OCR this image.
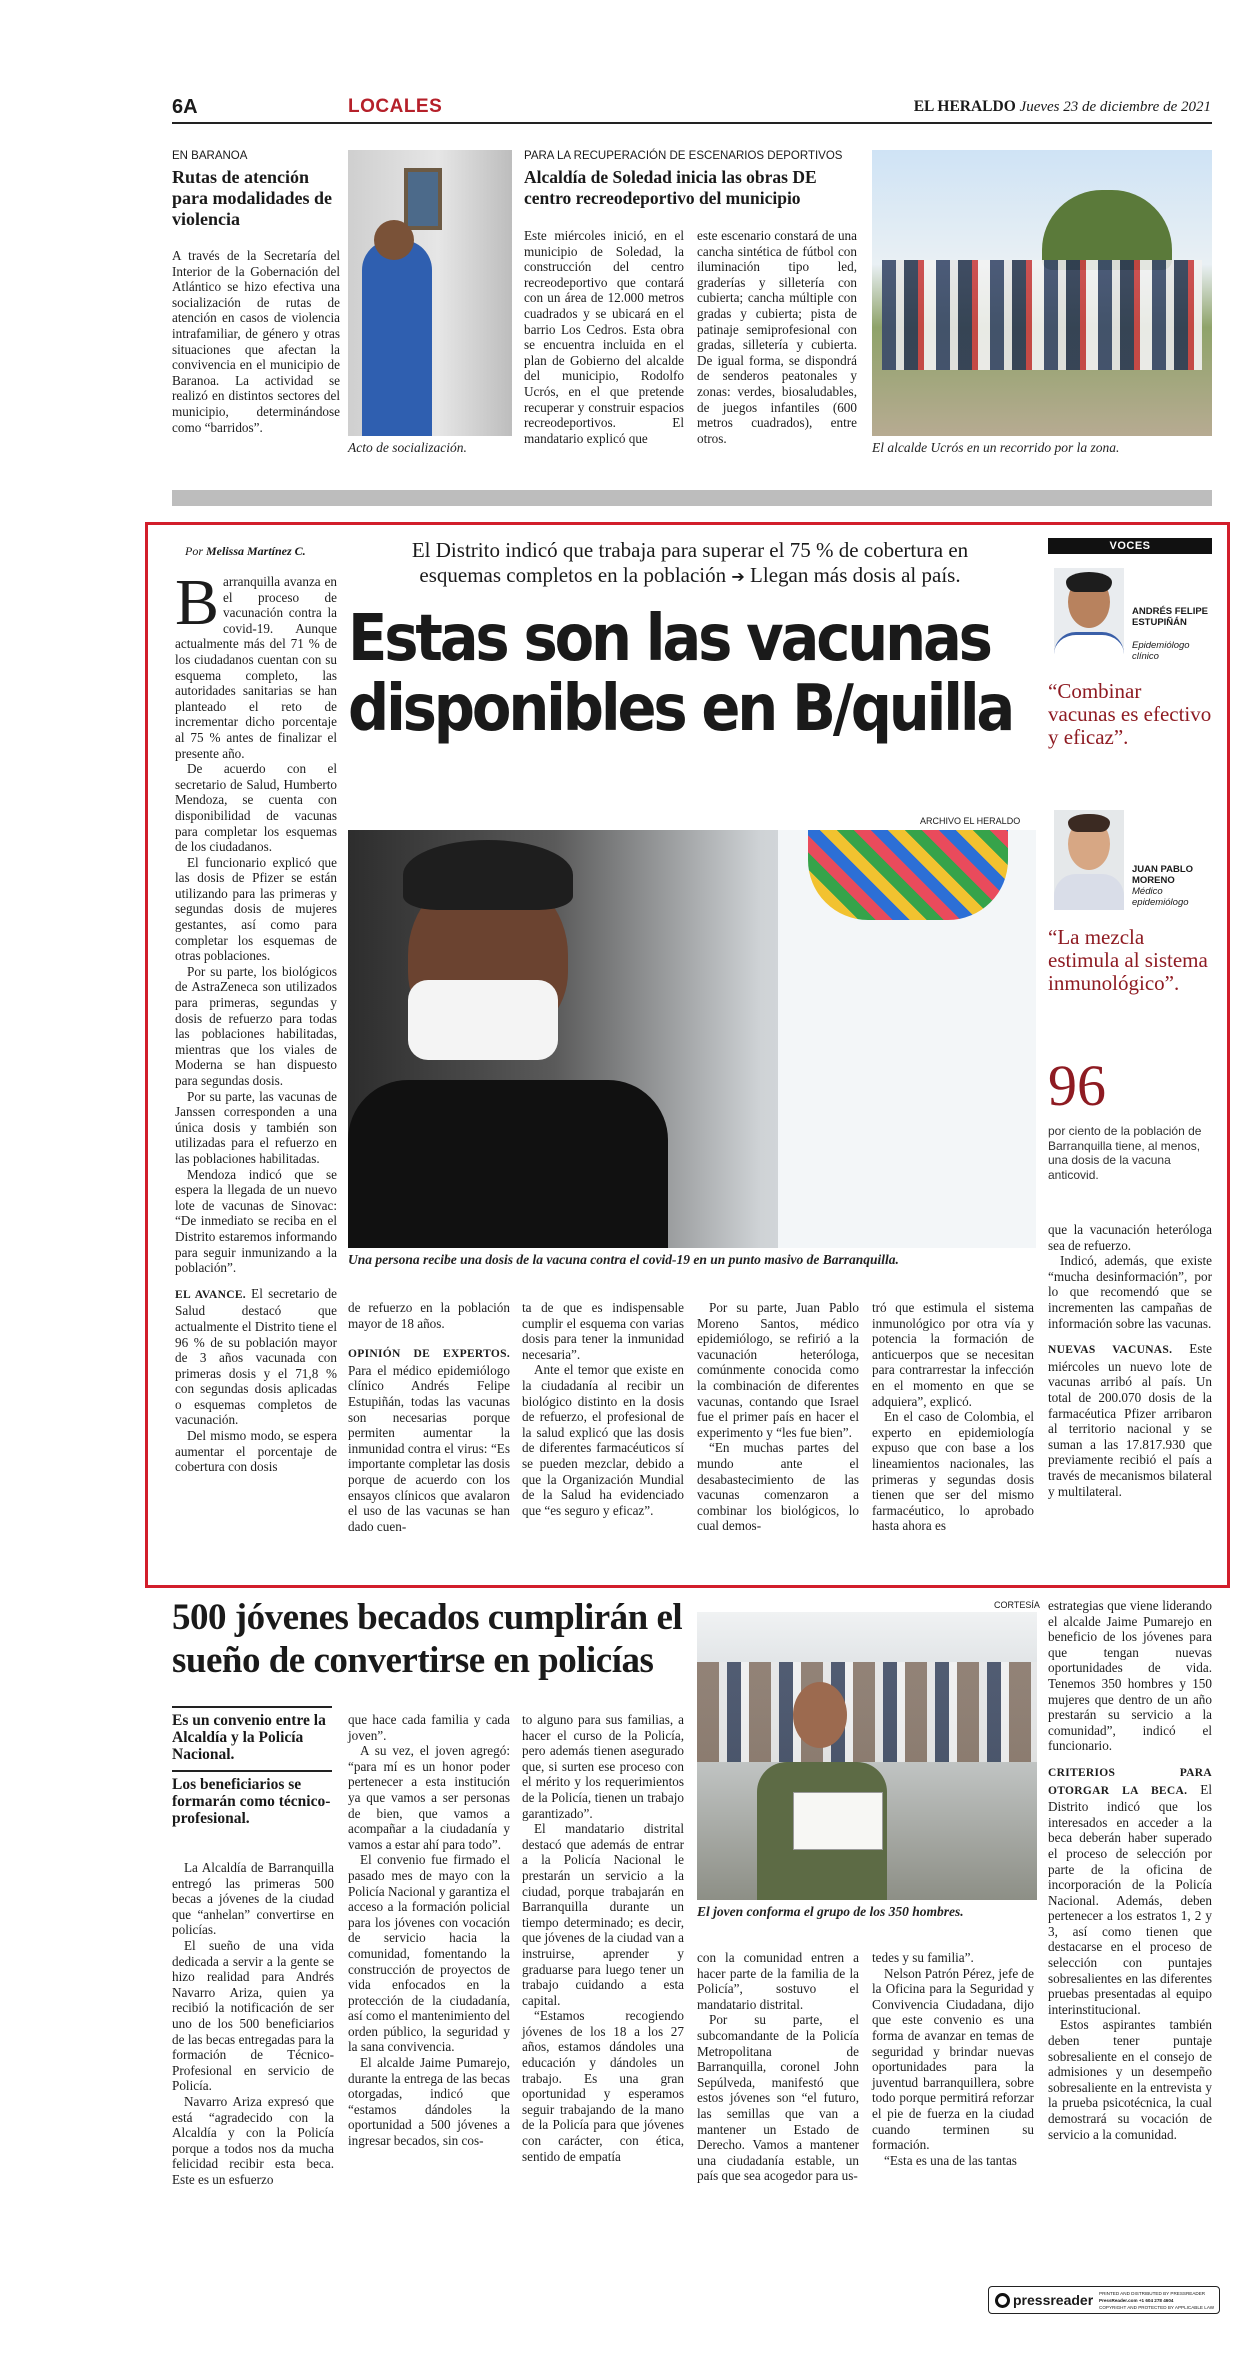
6A	LOCALES	EL HERALDO Jueves 23 de diciembre de 2021
EN BARANOA
Rutas de atención para modalidades de violencia

A través de la Secretaría del Interior de la Gobernación del Atlántico se hizo efectiva una socialización de rutas de atención en casos de violencia intrafamiliar, de género y otras situaciones que afectan la convivencia en el municipio de Baranoa. La actividad se realizó en distintos sectores del municipio, determinándose como “barridos”.

Acto de socialización.
PARA LA RECUPERACIÓN DE ESCENARIOS DEPORTIVOS
Alcaldía de Soledad inicia las obras DE centro recreodeportivo del municipio

Este miércoles inició, en el municipio de Soledad, la construcción del centro recreodeportivo que contará con un área de 12.000 metros cuadrados y se ubicará en el barrio Los Cedros. Esta obra se encuentra incluida en el plan de Gobierno del alcalde del municipio, Rodolfo Ucrós, en el que pretende recuperar y construir espacios recreodeportivos. El mandatario explicó que

este escenario constará de una cancha sintética de fútbol con iluminación tipo led, graderías y silletería con cubierta; cancha múltiple con gradas y cubierta; pista de patinaje semiprofesional con gradas, silletería y cubierta. De igual forma, se dispondrá de senderos peatonales y zonas: verdes, biosaludables, de juegos infantiles (600 metros cuadrados), entre otros.

El alcalde Ucrós en un recorrido por la zona.
Por Melissa Martínez C.	El Distrito indicó que trabaja para superar el 75 % de cobertura en
esquemas completos en la población ➔ Llegan más dosis al país.
Estas son las vacunas
disponibles en B/quilla

Barranquilla avanza en el proceso de vacunación contra la covid-19. Aunque actualmente más del 71 % de los ciudadanos cuentan con su esquema completo, las autoridades sanitarias se han planteado el reto de incrementar dicho porcentaje al 75 % antes de finalizar el presente año.

De acuerdo con el secretario de Salud, Humberto Mendoza, se cuenta con disponibilidad de vacunas para completar los esquemas de los ciudadanos.

El funcionario explicó que las dosis de Pfizer se están utilizando para las primeras y segundas dosis de mujeres gestantes, así como para completar los esquemas de otras poblaciones.

Por su parte, los biológicos de AstraZeneca son utilizados para primeras, segundas y dosis de refuerzo para todas las poblaciones habilitadas, mientras que los viales de Moderna se han dispuesto para segundas dosis.

Por su parte, las vacunas de Janssen corresponden a una única dosis y también son utilizadas para el refuerzo en las poblaciones habilitadas.

Mendoza indicó que se espera la llegada de un nuevo lote de vacunas de Sinovac: “De inmediato se reciba en el Distrito estaremos informando para seguir inmunizando a la población”.

EL AVANCE. El secretario de Salud destacó que actualmente el Distrito tiene el 96 % de su población mayor de 3 años vacunada con primeras dosis y el 71,8 % con segundas dosis aplicadas o esquemas completos de vacunación.

Del mismo modo, se espera aumentar el porcentaje de cobertura con dosis

ARCHIVO EL HERALDO
Una persona recibe una dosis de la vacuna contra el covid-19 en un punto masivo de Barranquilla.

de refuerzo en la población mayor de 18 años.

OPINIÓN DE EXPERTOS. Para el médico epidemiólogo clínico Andrés Felipe Estupiñán, todas las vacunas son necesarias porque permiten aumentar la inmunidad contra el virus: “Es importante completar las dosis porque de acuerdo con los ensayos clínicos que avalaron el uso de las vacunas se han dado cuen-

ta de que es indispensable cumplir el esquema con varias dosis para tener la inmunidad necesaria”.

Ante el temor que existe en la ciudadanía al recibir un biológico distinto en la dosis de refuerzo, el profesional de la salud explicó que las dosis de diferentes farmacéuticos sí se pueden mezclar, debido a que la Organización Mundial de la Salud ha evidenciado que “es seguro y eficaz”.

Por su parte, Juan Pablo Moreno Santos, médico epidemiólogo, se refirió a la vacunación heteróloga, comúnmente conocida como la combinación de diferentes vacunas, contando que Israel fue el primer país en hacer el experimento y “les fue bien”.

“En muchas partes del mundo ante el desabastecimiento de las vacunas comenzaron a combinar los biológicos, lo cual demos-

tró que estimula el sistema inmunológico por otra vía y potencia la formación de anticuerpos que se necesitan para contrarrestar la infección en el momento en que se adquiera”, explicó.

En el caso de Colombia, el experto en epidemiología expuso que con base a los lineamientos nacionales, las primeras y segundas dosis tienen que ser del mismo farmacéutico, lo aprobado hasta ahora es

que la vacunación heteróloga sea de refuerzo.

Indicó, además, que existe “mucha desinformación”, por lo que recomendó que se incrementen las campañas de información sobre las vacunas.

NUEVAS VACUNAS. Este miércoles un nuevo lote de vacunas arribó al país. Un total de 200.070 dosis de la farmacéutica Pfizer arribaron al territorio nacional y se suman a las 17.817.930 que previamente recibió el país a través de mecanismos bilateral y multilateral.

VOCES
ANDRÉS FELIPE ESTUPIÑÁN
Epidemiólogo clínico
“Combinar vacunas es efectivo y eficaz”.
JUAN PABLO MORENO
Médico epidemiólogo
“La mezcla estimula al sistema inmunológico”.
96
por ciento de la población de Barranquilla tiene, al menos, una dosis de la vacuna anticovid.
500 jóvenes becados cumplirán el
sueño de convertirse en policías
Es un convenio entre la Alcaldía y la Policía Nacional.
Los beneficiarios se formarán como técnico-profesional.

La Alcaldía de Barranquilla entregó las primeras 500 becas a jóvenes de la ciudad que “anhelan” convertirse en policías.

El sueño de una vida dedicada a servir a la gente se hizo realidad para Andrés Navarro Ariza, quien ya recibió la notificación de ser uno de los 500 beneficiarios de las becas entregadas para la formación de Técnico-Profesional en servicio de Policía.

Navarro Ariza expresó que está “agradecido con la Alcaldía y con la Policía porque a todos nos da mucha felicidad recibir esta beca. Este es un esfuerzo

que hace cada familia y cada joven”.

A su vez, el joven agregó: “para mí es un honor poder pertenecer a esta institución ya que vamos a ser personas de bien, que vamos a acompañar a la ciudadanía y vamos a estar ahí para todo”.

El convenio fue firmado el pasado mes de mayo con la Policía Nacional y garantiza el acceso a la formación policial para los jóvenes con vocación de servicio hacia la comunidad, fomentando la construcción de proyectos de vida enfocados en la protección de la ciudadanía, así como el mantenimiento del orden público, la seguridad y la sana convivencia.

El alcalde Jaime Pumarejo, durante la entrega de las becas otorgadas, indicó que “estamos dándoles la oportunidad a 500 jóvenes a ingresar becados, sin cos-

to alguno para sus familias, a hacer el curso de la Policía, pero además tienen asegurado que, si surten ese proceso con el mérito y los requerimientos de la Policía, tienen un trabajo garantizado”.

El mandatario distrital destacó que además de entrar a la Policía Nacional le prestarán un servicio a la ciudad, porque trabajarán en Barranquilla durante un tiempo determinado; es decir, que jóvenes de la ciudad van a instruirse, aprender y graduarse para luego tener un trabajo cuidando a esta capital.

“Estamos recogiendo jóvenes de los 18 a los 27 años, estamos dándoles una educación y dándoles un trabajo. Es una gran oportunidad y esperamos seguir trabajando de la mano de la Policía para que jóvenes con carácter, con ética, sentido de empatía

CORTESÍA
El joven conforma el grupo de los 350 hombres.

con la comunidad entren a hacer parte de la familia de la Policía”, sostuvo el mandatario distrital.

Por su parte, el subcomandante de la Policía Metropolitana de Barranquilla, coronel John Sepúlveda, manifestó que estos jóvenes son “el futuro, las semillas que van a mantener un Estado de Derecho. Vamos a mantener una ciudadanía estable, un país que sea acogedor para us-

tedes y su familia”.

Nelson Patrón Pérez, jefe de la Oficina para la Seguridad y Convivencia Ciudadana, dijo que este convenio es una forma de avanzar en temas de seguridad y brindar nuevas oportunidades para la juventud barranquillera, sobre todo porque permitirá reforzar el pie de fuerza en la ciudad cuando terminen su formación.

“Esta es una de las tantas

estrategias que viene liderando el alcalde Jaime Pumarejo en beneficio de los jóvenes para que tengan nuevas oportunidades de vida. Tenemos 350 hombres y 150 mujeres que dentro de un año prestarán su servicio a la comunidad”, indicó el funcionario.

CRITERIOS PARA OTORGAR LA BECA. El Distrito indicó que los interesados en acceder a la beca deberán haber superado el proceso de selección por parte de la oficina de incorporación de la Policía Nacional. Además, deben pertenecer a los estratos 1, 2 y 3, así como tienen que destacarse en el proceso de selección con puntajes sobresalientes en las diferentes pruebas presentadas al equipo interinstitucional.

Estos aspirantes también deben tener puntaje sobresaliente en el consejo de admisiones y un desempeño sobresaliente en la entrevista y la prueba psicotécnica, la cual demostrará su vocación de servicio a la comunidad.

pressreader PRINTED AND DISTRIBUTED BY PRESSREADER
PressReader.com +1 604 278 4604
COPYRIGHT AND PROTECTED BY APPLICABLE LAW
